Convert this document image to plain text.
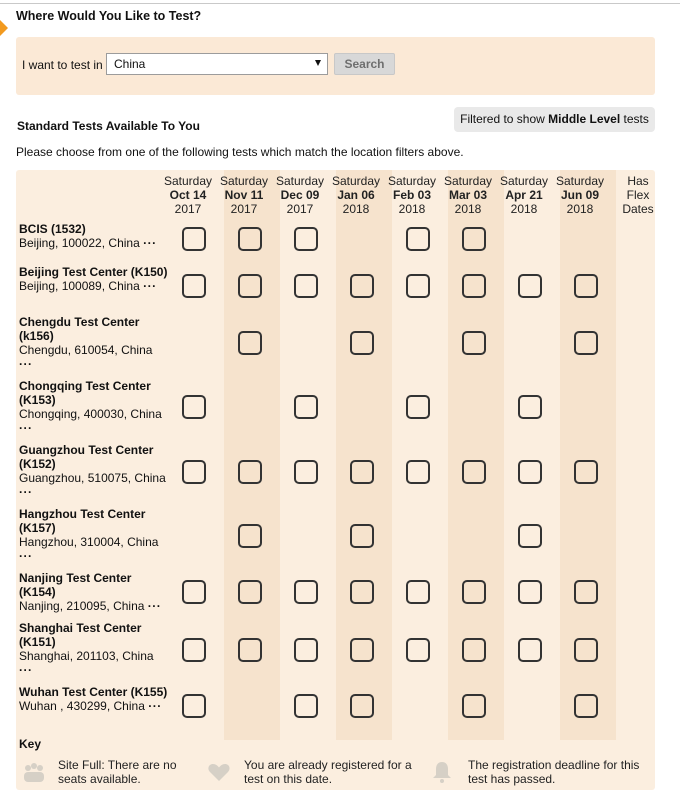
Where Would You Like to Test?
I want to test in China	Search
Standard Tests Available To You	Filtered to show Middle Level tests
Please choose from one of the following tests which match the location filters above.
Key
Site Full: There are no seats available.
You are already registered for a test on this date.
The registration deadline for this test has passed.
Saturday
Oct 14
2017
Saturday
Nov 11
2017
Saturday
Dec 09
2017
Saturday
Jan 06
2018
Saturday
Feb 03
2018
Saturday
Mar 03
2018
Saturday
Apr 21
2018
Saturday
Jun 09
2018
Has
Flex
Dates
BCIS (1532)
Beijing, 100022, China ···
Beijing Test Center (K150)
Beijing, 100089, China ···
Chengdu Test Center (k156)
Chengdu, 610054, China ···
Chongqing Test Center (K153)
Chongqing, 400030, China ···
Guangzhou Test Center (K152)
Guangzhou, 510075, China ···
Hangzhou Test Center (K157)
Hangzhou, 310004, China ···
Nanjing Test Center (K154)
Nanjing, 210095, China ···
Shanghai Test Center (K151)
Shanghai, 201103, China ···
Wuhan Test Center (K155)
Wuhan , 430299, China ···
